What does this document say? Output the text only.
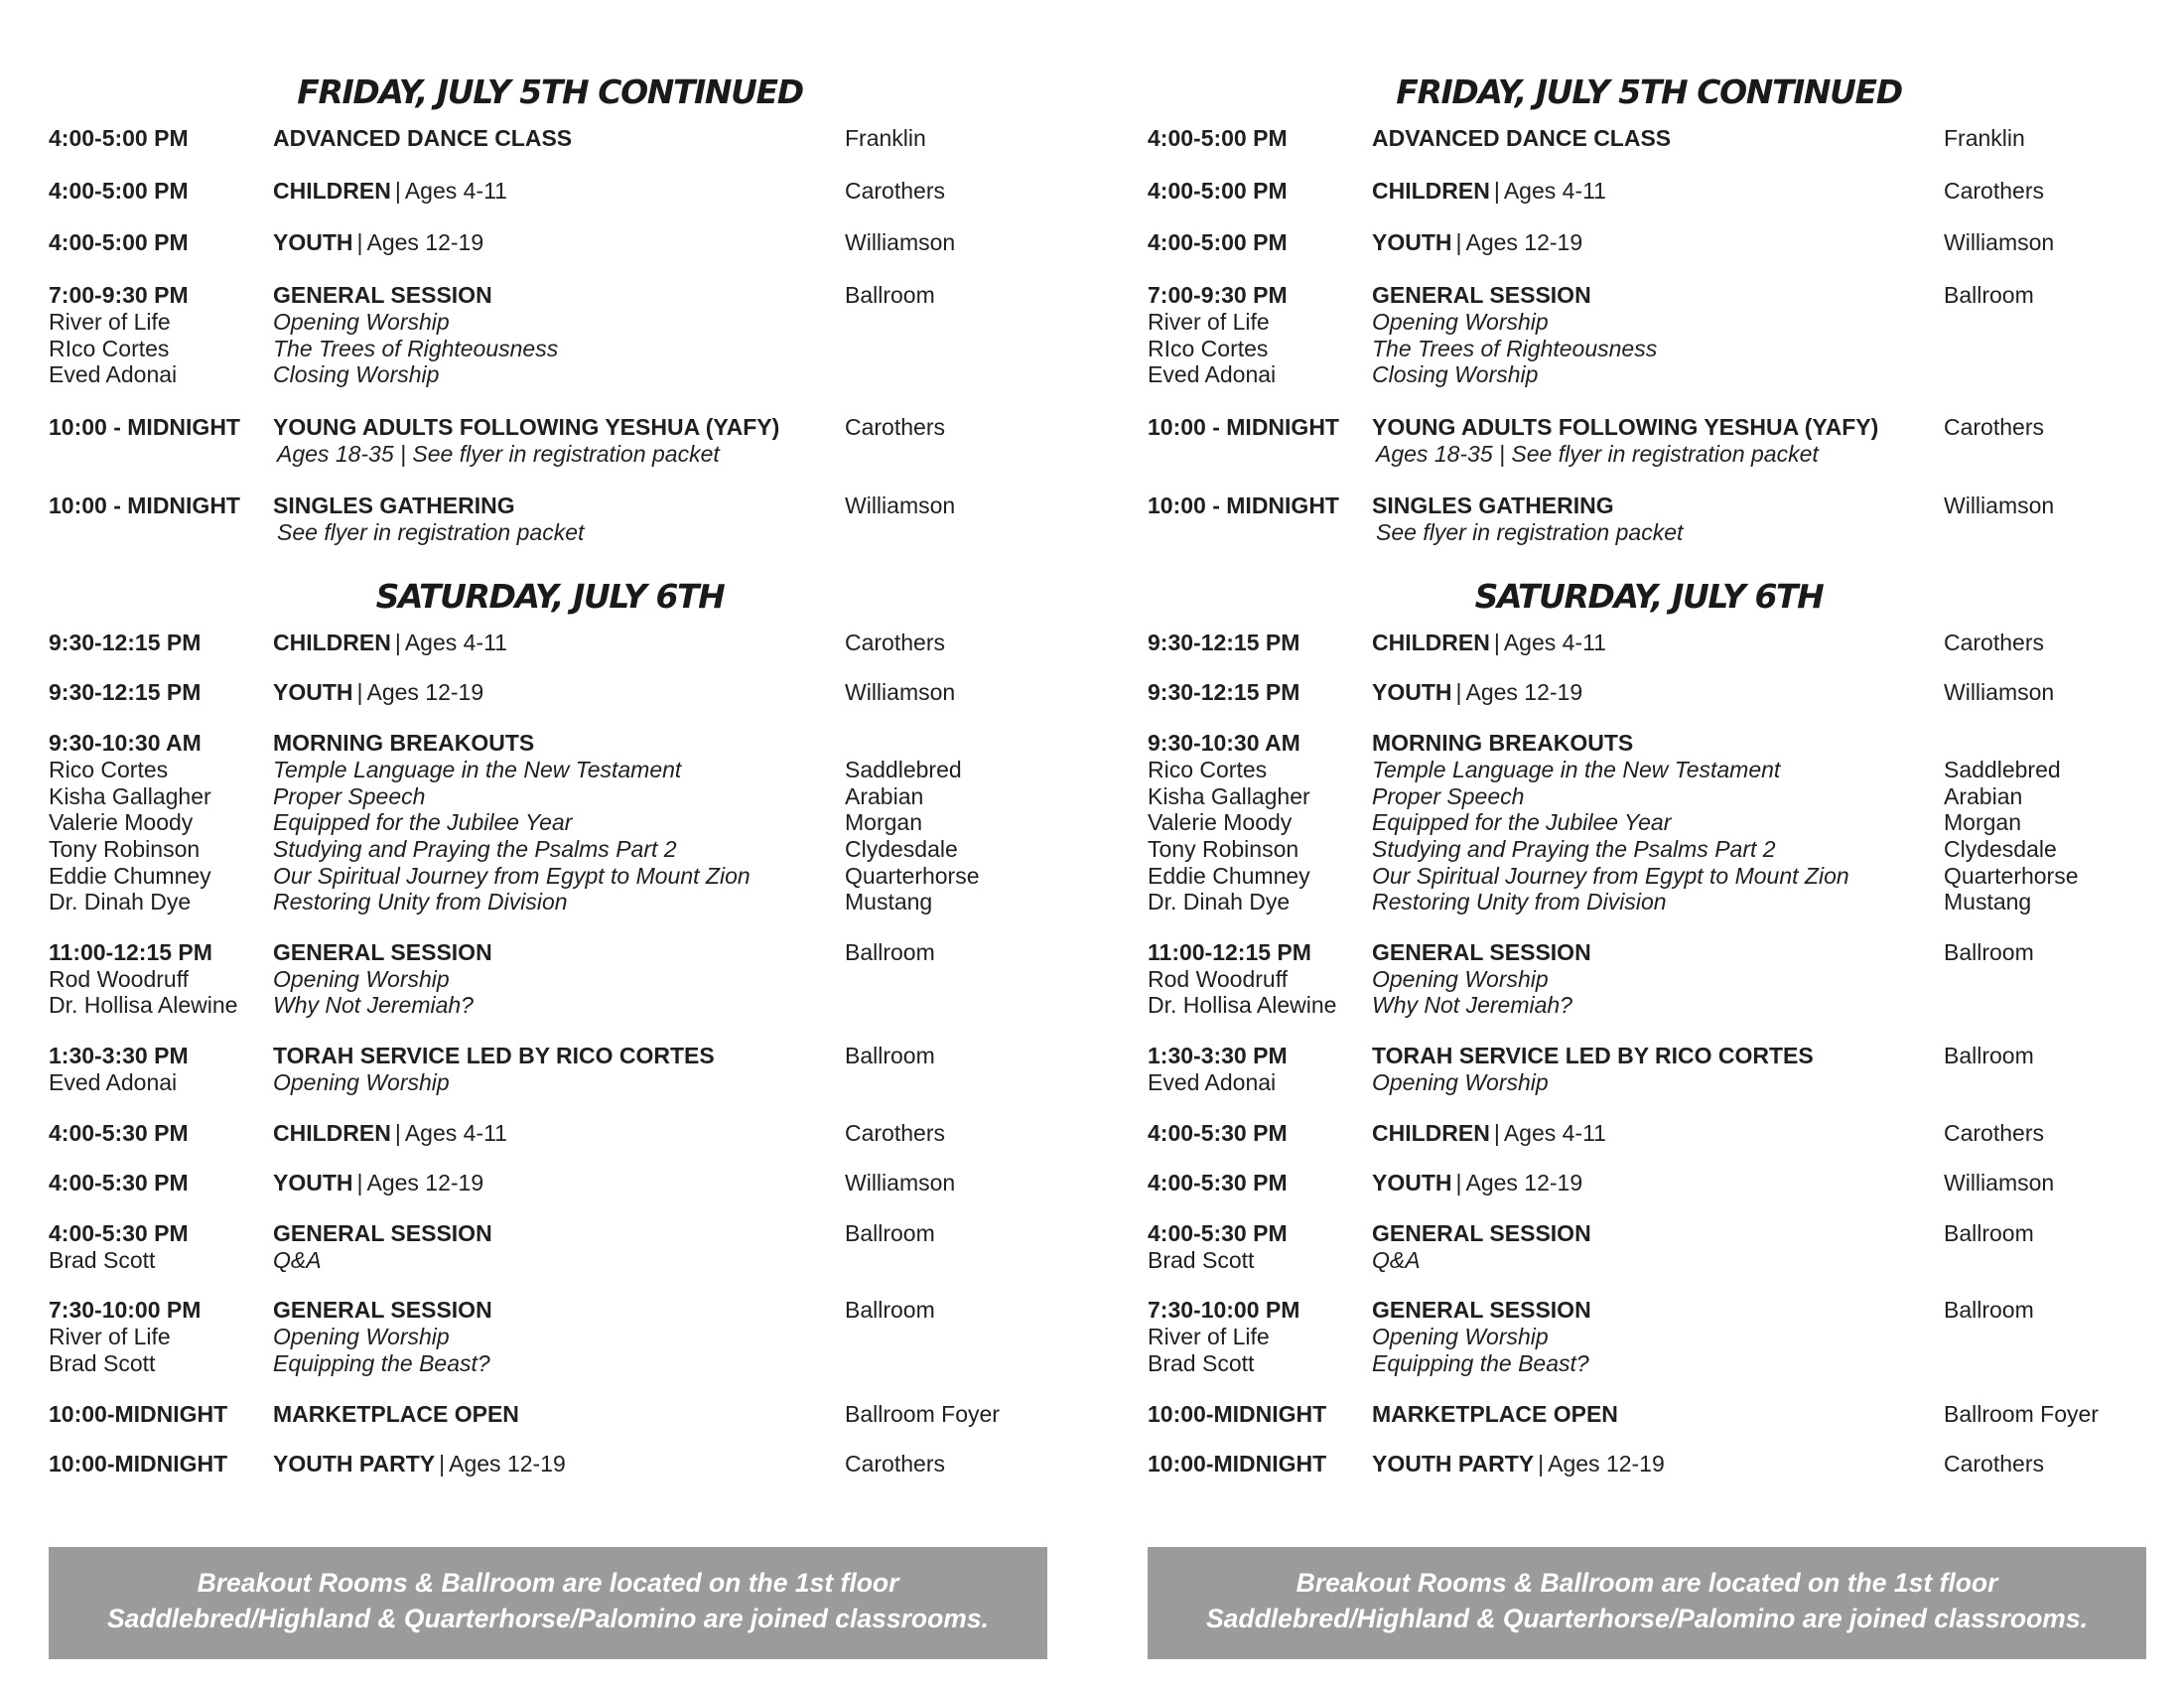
FRIDAY, JULY 5TH CONTINUED
4:00-5:00 PM	ADVANCED DANCE CLASS	Franklin
4:00-5:00 PM	CHILDREN | Ages 4-11	Carothers
4:00-5:00 PM	YOUTH | Ages 12-19	Williamson
7:00-9:30 PM	GENERAL SESSION	Ballroom
River of Life	Opening Worship
RIco Cortes	The Trees of Righteousness
Eved Adonai	Closing Worship
10:00 - MIDNIGHT	YOUNG ADULTS FOLLOWING YESHUA (YAFY)	Carothers
Ages 18-35 | See flyer in registration packet
10:00 - MIDNIGHT	SINGLES GATHERING	Williamson
See flyer in registration packet
SATURDAY, JULY 6TH
9:30-12:15 PM	CHILDREN | Ages 4-11	Carothers
9:30-12:15 PM	YOUTH | Ages 12-19	Williamson
9:30-10:30 AM	MORNING BREAKOUTS
Rico Cortes	Temple Language in the New Testament	Saddlebred
Kisha Gallagher	Proper Speech	Arabian
Valerie Moody	Equipped for the Jubilee Year	Morgan
Tony Robinson	Studying and Praying the Psalms Part 2	Clydesdale
Eddie Chumney	Our Spiritual Journey from Egypt to Mount Zion	Quarterhorse
Dr. Dinah Dye	Restoring Unity from Division	Mustang
11:00-12:15 PM	GENERAL SESSION	Ballroom
Rod Woodruff	Opening Worship
Dr. Hollisa Alewine	Why Not Jeremiah?
1:30-3:30 PM	TORAH SERVICE LED BY RICO CORTES	Ballroom
Eved Adonai	Opening Worship
4:00-5:30 PM	CHILDREN | Ages 4-11	Carothers
4:00-5:30 PM	YOUTH | Ages 12-19	Williamson
4:00-5:30 PM	GENERAL SESSION	Ballroom
Brad Scott	Q&A
7:30-10:00 PM	GENERAL SESSION	Ballroom
River of Life	Opening Worship
Brad Scott	Equipping the Beast?
10:00-MIDNIGHT	MARKETPLACE OPEN	Ballroom Foyer
10:00-MIDNIGHT	YOUTH PARTY | Ages 12-19	Carothers
Breakout Rooms & Ballroom are located on the 1st floor
Saddlebred/Highland & Quarterhorse/Palomino are joined classrooms.
FRIDAY, JULY 5TH CONTINUED
4:00-5:00 PM	ADVANCED DANCE CLASS	Franklin
4:00-5:00 PM	CHILDREN | Ages 4-11	Carothers
4:00-5:00 PM	YOUTH | Ages 12-19	Williamson
7:00-9:30 PM	GENERAL SESSION	Ballroom
River of Life	Opening Worship
RIco Cortes	The Trees of Righteousness
Eved Adonai	Closing Worship
10:00 - MIDNIGHT	YOUNG ADULTS FOLLOWING YESHUA (YAFY)	Carothers
Ages 18-35 | See flyer in registration packet
10:00 - MIDNIGHT	SINGLES GATHERING	Williamson
See flyer in registration packet
SATURDAY, JULY 6TH
9:30-12:15 PM	CHILDREN | Ages 4-11	Carothers
9:30-12:15 PM	YOUTH | Ages 12-19	Williamson
9:30-10:30 AM	MORNING BREAKOUTS
Rico Cortes	Temple Language in the New Testament	Saddlebred
Kisha Gallagher	Proper Speech	Arabian
Valerie Moody	Equipped for the Jubilee Year	Morgan
Tony Robinson	Studying and Praying the Psalms Part 2	Clydesdale
Eddie Chumney	Our Spiritual Journey from Egypt to Mount Zion	Quarterhorse
Dr. Dinah Dye	Restoring Unity from Division	Mustang
11:00-12:15 PM	GENERAL SESSION	Ballroom
Rod Woodruff	Opening Worship
Dr. Hollisa Alewine	Why Not Jeremiah?
1:30-3:30 PM	TORAH SERVICE LED BY RICO CORTES	Ballroom
Eved Adonai	Opening Worship
4:00-5:30 PM	CHILDREN | Ages 4-11	Carothers
4:00-5:30 PM	YOUTH | Ages 12-19	Williamson
4:00-5:30 PM	GENERAL SESSION	Ballroom
Brad Scott	Q&A
7:30-10:00 PM	GENERAL SESSION	Ballroom
River of Life	Opening Worship
Brad Scott	Equipping the Beast?
10:00-MIDNIGHT	MARKETPLACE OPEN	Ballroom Foyer
10:00-MIDNIGHT	YOUTH PARTY | Ages 12-19	Carothers
Breakout Rooms & Ballroom are located on the 1st floor
Saddlebred/Highland & Quarterhorse/Palomino are joined classrooms.
